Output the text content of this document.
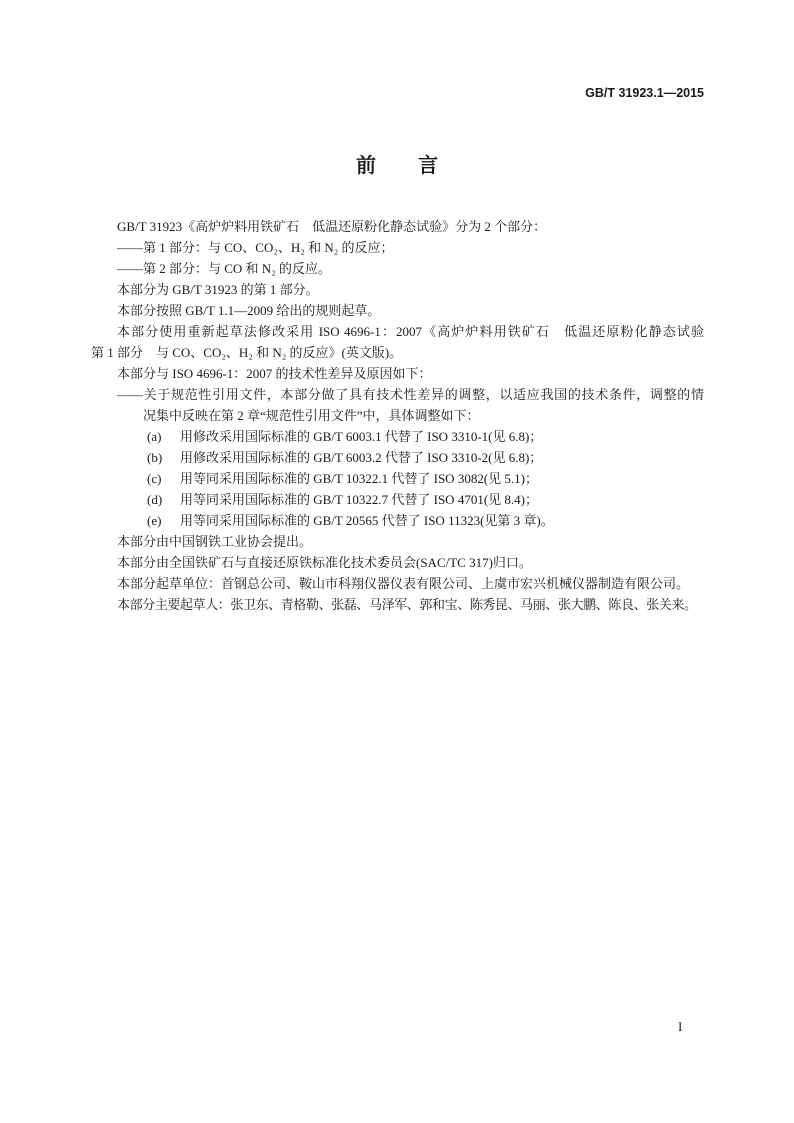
GB/T 31923.1—2015
前　言
GB/T 31923《高炉炉料用铁矿石　低温还原粉化静态试验》分为 2 个部分：
——第 1 部分：与 CO、CO₂、H₂ 和 N₂ 的反应；
——第 2 部分：与 CO 和 N₂ 的反应。
本部分为 GB/T 31923 的第 1 部分。
本部分按照 GB/T 1.1—2009 给出的规则起草。
本部分使用重新起草法修改采用 ISO 4696-1：2007《高炉炉料用铁矿石　低温还原粉化静态试验
第 1 部分　与 CO、CO₂、H₂ 和 N₂ 的反应》(英文版)。
本部分与 ISO 4696-1：2007 的技术性差异及原因如下：
——关于规范性引用文件，本部分做了具有技术性差异的调整，以适应我国的技术条件，调整的情
况集中反映在第 2 章“规范性引用文件”中，具体调整如下：
(a) 用修改采用国际标准的 GB/T 6003.1 代替了 ISO 3310-1(见 6.8)；
(b) 用修改采用国际标准的 GB/T 6003.2 代替了 ISO 3310-2(见 6.8)；
(c) 用等同采用国际标准的 GB/T 10322.1 代替了 ISO 3082(见 5.1)；
(d) 用等同采用国际标准的 GB/T 10322.7 代替了 ISO 4701(见 8.4)；
(e) 用等同采用国际标准的 GB/T 20565 代替了 ISO 11323(见第 3 章)。
本部分由中国钢铁工业协会提出。
本部分由全国铁矿石与直接还原铁标准化技术委员会(SAC/TC 317)归口。
本部分起草单位：首钢总公司、鞍山市科翔仪器仪表有限公司、上虞市宏兴机械仪器制造有限公司。
本部分主要起草人：张卫东、青格勒、张磊、马泽军、郭和宝、陈秀昆、马丽、张大鹏、陈良、张关来。
I
